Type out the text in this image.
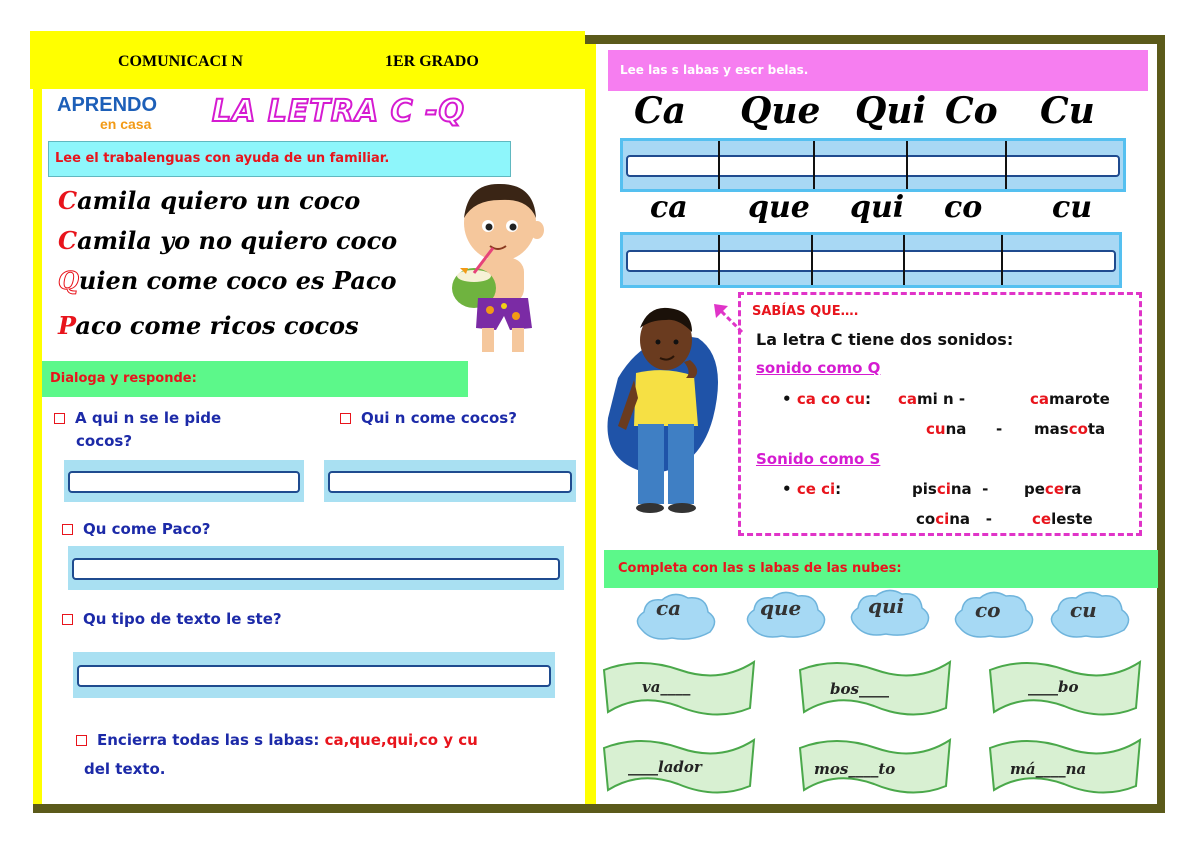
COMUNICACI N	1ER GRADO
APRENDO
en casa LA LETRA C -Q
Lee el trabalenguas con ayuda de un familiar.
Camila quiero un coco
Camila yo no quiero coco
Quien come coco es Paco
Paco come ricos cocos
Dialoga y responde:
A qui n se le pide
cocos?
Qui n come cocos?
Qu come Paco?
Qu tipo de texto le ste?
Encierra todas las s labas: ca,que,qui,co y cu
del texto.
Lee las s labas y escr belas.
Ca Que Qui Co Cu
ca que qui co cu
SABÍAS QUE….
La letra C tiene dos sonidos:
sonido como Q
• ca co cu: cami n -	camarote
cuna - mascota
Sonido como S
• ce ci:	piscina  - pecera
cocina   - celeste
Completa con las s labas de las nubes:
ca	que	qui	co	cu
va____	bos____	____bo
____lador	mos____to	má____na
